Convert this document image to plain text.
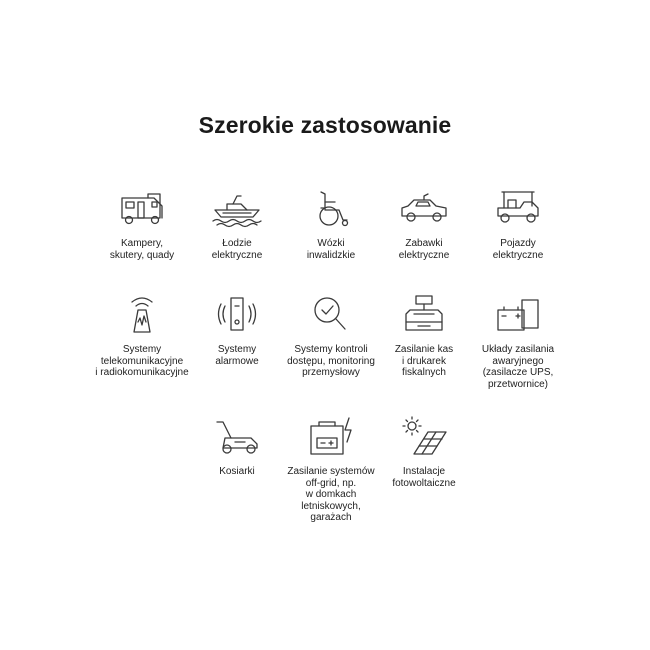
Szerokie zastosowanie
Kampery,
skutery, quady
Łodzie
elektryczne
Wózki
inwalidzkie
Zabawki
elektryczne
Pojazdy
elektryczne
Systemy
telekomunikacyjne
i radiokomunikacyjne
Systemy
alarmowe
Systemy kontroli
dostępu, monitoring
przemysłowy
Zasilanie kas
i drukarek
fiskalnych
Układy zasilania
awaryjnego
(zasilacze UPS,
przetwornice)
Kosiarki	Zasilanie systemów
off-grid, np.
w domkach
letniskowych,
garażach
Instalacje
fotowoltaiczne
